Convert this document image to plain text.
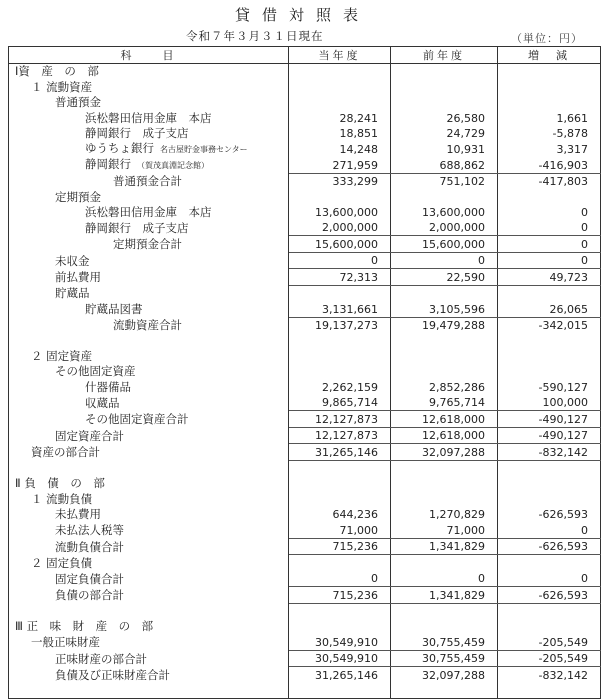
貸借対照表
令和７年３月３１日現在	（単位：円）
科　　目	当年度	前年度	増　減
Ⅰ資　産　の　部			
１ 流動資産			
普通預金			
浜松磐田信用金庫　本店	28,241	26,580	1,661
静岡銀行　成子支店	18,851	24,729	-5,878
ゆうちょ銀行 名古屋貯金事務センター	14,248	10,931	3,317
静岡銀行 （賀茂真淵記念館）	271,959	688,862	-416,903
普通預金合計	333,299	751,102	-417,803
定期預金			
浜松磐田信用金庫　本店	13,600,000	13,600,000	0
静岡銀行　成子支店	2,000,000	2,000,000	0
定期預金合計	15,600,000	15,600,000	0
未収金	0	0	0
前払費用	72,313	22,590	49,723
貯蔵品			
貯蔵品図書	3,131,661	3,105,596	26,065
流動資産合計	19,137,273	19,479,288	-342,015

２ 固定資産			
その他固定資産			
什器備品	2,262,159	2,852,286	-590,127
収蔵品	9,865,714	9,765,714	100,000
その他固定資産合計	12,127,873	12,618,000	-490,127
固定資産合計	12,127,873	12,618,000	-490,127
資産の部合計	31,265,146	32,097,288	-832,142

Ⅱ 負　債　の　部			
１ 流動負債			
未払費用	644,236	1,270,829	-626,593
未払法人税等	71,000	71,000	0
流動負債合計	715,236	1,341,829	-626,593
２ 固定負債			
固定負債合計	0	0	0
負債の部合計	715,236	1,341,829	-626,593

Ⅲ 正　味　財　産　の　部			
一般正味財産	30,549,910	30,755,459	-205,549
正味財産の部合計	30,549,910	30,755,459	-205,549
負債及び正味財産合計	31,265,146	32,097,288	-832,142
